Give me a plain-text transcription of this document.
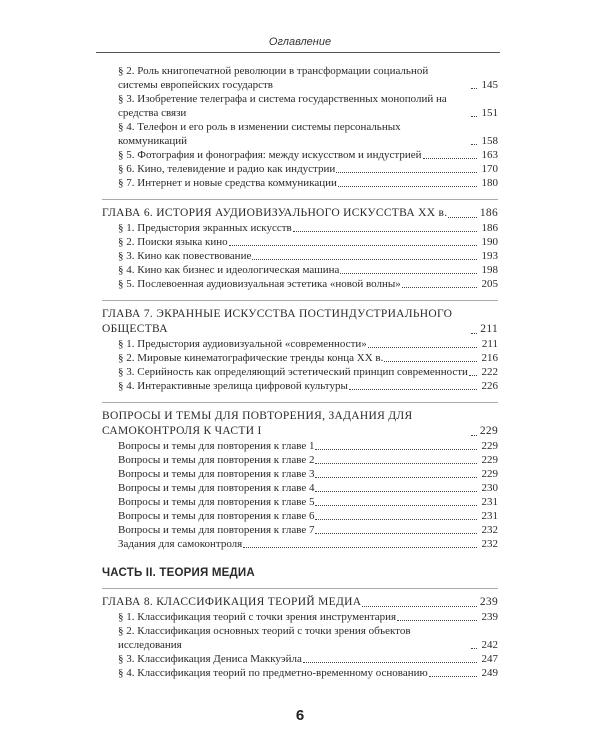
Оглавление
§ 2. Роль книгопечатной революции в трансформации социальной системы европейских государств	145
§ 3. Изобретение телеграфа и система государственных монополий на средства связи	151
§ 4. Телефон и его роль в изменении системы персональных коммуникаций	158
§ 5. Фотография и фонография: между искусством и индустрией	163
§ 6. Кино, телевидение и радио как индустрии	170
§ 7. Интернет и новые средства коммуникации	180
ГЛАВА 6. ИСТОРИЯ АУДИОВИЗУАЛЬНОГО ИСКУССТВА XX в.	186
§ 1. Предыстория экранных искусств	186
§ 2. Поиски языка кино	190
§ 3. Кино как повествование	193
§ 4. Кино как бизнес и идеологическая машина	198
§ 5. Послевоенная аудиовизуальная эстетика «новой волны»	205
ГЛАВА 7. ЭКРАННЫЕ ИСКУССТВА ПОСТИНДУСТРИАЛЬНОГО ОБЩЕСТВА	211
§ 1. Предыстория аудиовизуальной «современности»	211
§ 2. Мировые кинематографические тренды конца XX в.	216
§ 3. Серийность как определяющий эстетический принцип современности	222
§ 4. Интерактивные зрелища цифровой культуры	226
ВОПРОСЫ И ТЕМЫ ДЛЯ ПОВТОРЕНИЯ, ЗАДАНИЯ ДЛЯ САМОКОНТРОЛЯ К ЧАСТИ I	229
Вопросы и темы для повторения к главе 1	229
Вопросы и темы для повторения к главе 2	229
Вопросы и темы для повторения к главе 3	229
Вопросы и темы для повторения к главе 4	230
Вопросы и темы для повторения к главе 5	231
Вопросы и темы для повторения к главе 6	231
Вопросы и темы для повторения к главе 7	232
Задания для самоконтроля	232
ЧАСТЬ II. ТЕОРИЯ МЕДИА
ГЛАВА 8. КЛАССИФИКАЦИЯ ТЕОРИЙ МЕДИА	239
§ 1. Классификация теорий с точки зрения инструментария	239
§ 2. Классификация основных теорий с точки зрения объектов исследования	242
§ 3. Классификация Дениса Маккуэйла	247
§ 4. Классификация теорий по предметно-временному основанию	249
6
